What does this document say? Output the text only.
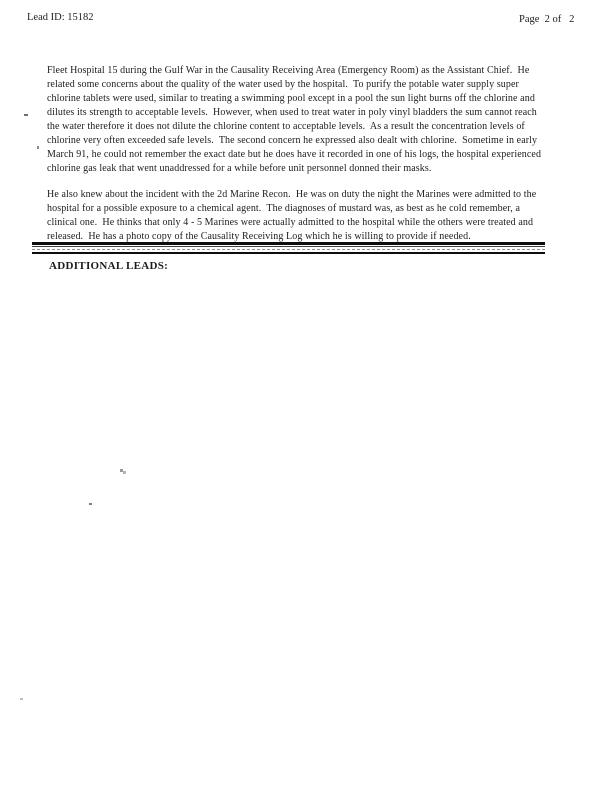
Lead ID: 15182	Page  2 of   2
Fleet Hospital 15 during the Gulf War in the Causality Receiving Area (Emergency Room) as the Assistant Chief.  He
related some concerns about the quality of the water used by the hospital.  To purify the potable water supply super
chlorine tablets were used, similar to treating a swimming pool except in a pool the sun light burns off the chlorine and
dilutes its strength to acceptable levels.  However, when used to treat water in poly vinyl bladders the sum cannot reach
the water therefore it does not dilute the chlorine content to acceptable levels.  As a result the concentration levels of
chlorine very often exceeded safe levels.  The second concern he expressed also dealt with chlorine.  Sometime in early
March 91, he could not remember the exact date but he does have it recorded in one of his logs, the hospital experienced
chlorine gas leak that went unaddressed for a while before unit personnel donned their masks.
He also knew about the incident with the 2d Marine Recon.  He was on duty the night the Marines were admitted to the
hospital for a possible exposure to a chemical agent.  The diagnoses of mustard was, as best as he cold remember, a
clinical one.  He thinks that only 4 - 5 Marines were actually admitted to the hospital while the others were treated and
released.  He has a photo copy of the Causality Receiving Log which he is willing to provide if needed.
ADDITIONAL LEADS:
